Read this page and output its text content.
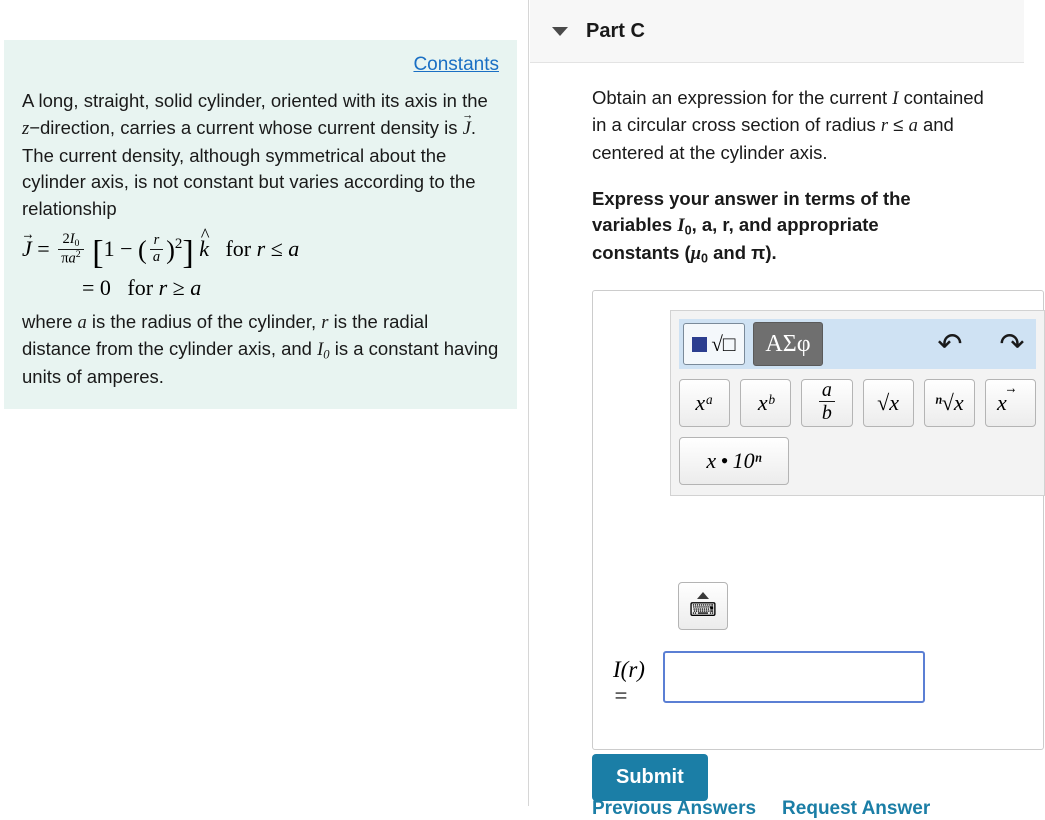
Constants
A long, straight, solid cylinder, oriented with its axis in the z−direction, carries a current whose current density is → J. The current density, although symmetrical about the cylinder axis, is not constant but varies according to the relationship
→ $J = \frac{2I_0}{\pi a^2} [1$ − ( $\frac{r}{a} )^2$] ^ k for r ≤ a
= 0   for r ≥ a
where a is the radius of the cylinder, r is the radial distance from the cylinder axis, and $I_0$ is a constant having units of amperes.
Part C
Obtain an expression for the current I contained in a circular cross section of radius r ≤ a and centered at the cylinder axis.
Express your answer in terms of the variables $I_0$, a, r, and appropriate constants ($\mu_0$ and π).
√□ ΑΣφ	↶ ↷
xᵃ xᵇ $\frac{a}{b} √x$ ⁿ√x → x⃗
x • 10ⁿ
⌨
I(r)
=
Submit
Previous Answers Request Answer
